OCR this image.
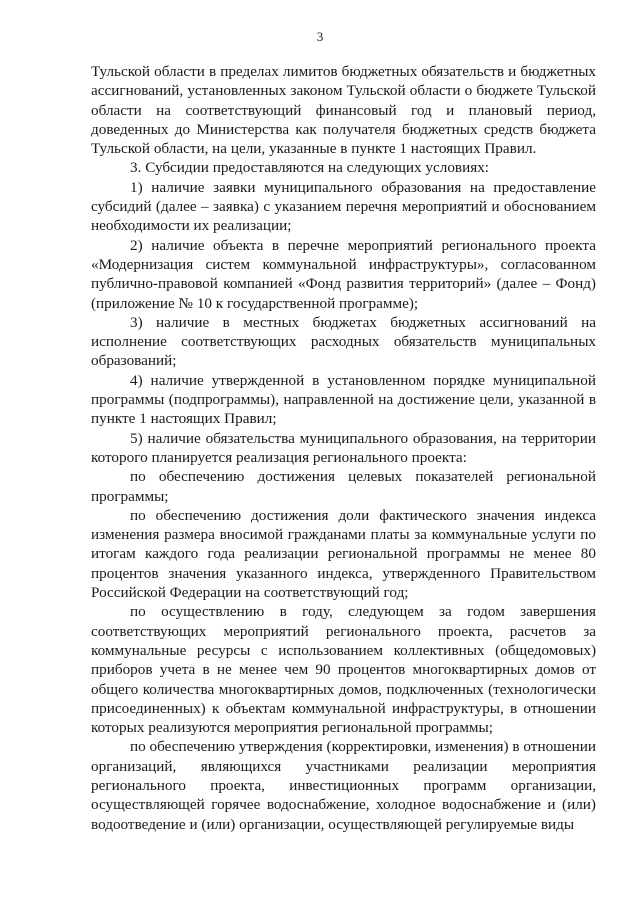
3

Тульской области в пределах лимитов бюджетных обязательств и бюджетных ассигнований, установленных законом Тульской области о бюджете Тульской области на соответствующий финансовый год и плановый период, доведенных до Министерства как получателя бюджетных средств бюджета Тульской области, на цели, указанные в пункте 1 настоящих Правил.

3. Субсидии предоставляются на следующих условиях:

1) наличие заявки муниципального образования на предоставление субсидий (далее – заявка) с указанием перечня мероприятий и обоснованием необходимости их реализации;

2) наличие объекта в перечне мероприятий регионального проекта «Модернизация систем коммунальной инфраструктуры», согласованном публично-правовой компанией «Фонд развития территорий» (далее – Фонд) (приложение № 10 к государственной программе);

3) наличие в местных бюджетах бюджетных ассигнований на исполнение соответствующих расходных обязательств муниципальных образований;

4) наличие утвержденной в установленном порядке муниципальной программы (подпрограммы), направленной на достижение цели, указанной в пункте 1 настоящих Правил;

5) наличие обязательства муниципального образования, на территории которого планируется реализация регионального проекта:

по обеспечению достижения целевых показателей региональной программы;

по обеспечению достижения доли фактического значения индекса изменения размера вносимой гражданами платы за коммунальные услуги по итогам каждого года реализации региональной программы не менее 80 процентов значения указанного индекса, утвержденного Правительством Российской Федерации на соответствующий год;

по осуществлению в году, следующем за годом завершения соответствующих мероприятий регионального проекта, расчетов за коммунальные ресурсы с использованием коллективных (общедомовых) приборов учета в не менее чем 90 процентов многоквартирных домов от общего количества многоквартирных домов, подключенных (технологически присоединенных) к объектам коммунальной инфраструктуры, в отношении которых реализуются мероприятия региональной программы;

по обеспечению утверждения (корректировки, изменения) в отношении организаций, являющихся участниками реализации мероприятия регионального проекта, инвестиционных программ организации, осуществляющей горячее водоснабжение, холодное водоснабжение и (или) водоотведение и (или) организации, осуществляющей регулируемые виды
